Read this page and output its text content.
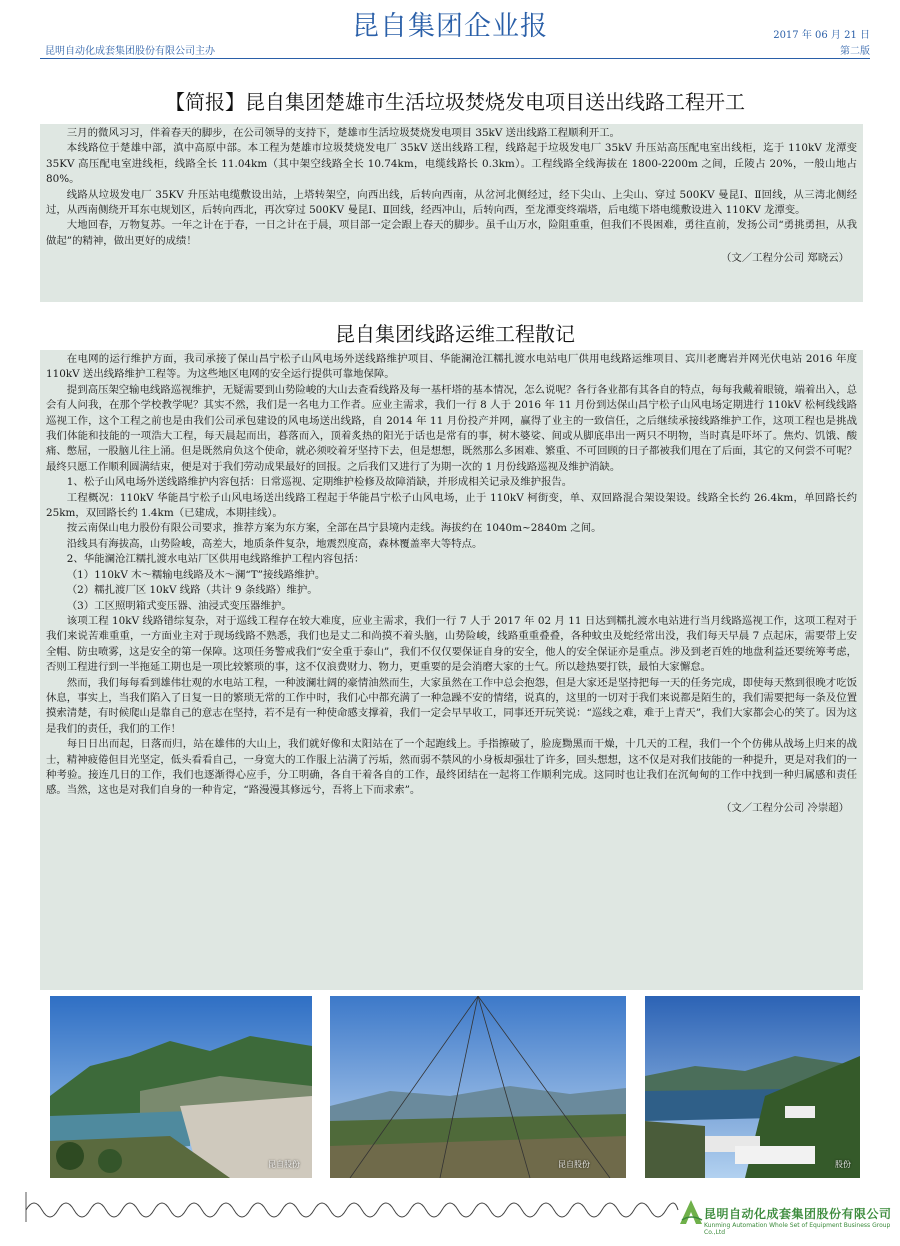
昆自集团企业报
昆明自动化成套集团股份有限公司主办
2017 年 06 月 21 日
第二版
【简报】昆自集团楚雄市生活垃圾焚烧发电项目送出线路工程开工

三月的微风习习，伴着春天的脚步，在公司领导的支持下，楚雄市生活垃圾焚烧发电项目 35kV 送出线路工程顺利开工。

本线路位于楚雄中部，滇中高原中部。本工程为楚雄市垃圾焚烧发电厂 35kV 送出线路工程，线路起于垃圾发电厂 35kV 升压站高压配电室出线柜，迄于 110kV 龙潭变 35KV 高压配电室进线柜，线路全长 11.04km（其中架空线路全长 10.74km，电缆线路长 0.3km）。工程线路全线海拔在 1800-2200m 之间，丘陵占 20%，一般山地占 80%。

线路从垃圾发电厂 35KV 升压站电缆敷设出站，上塔转架空，向西出线，后转向西南，从岔河北侧经过，经下尖山、上尖山、穿过 500KV 曼昆Ⅰ、Ⅱ回线，从三湾北侧经过，从西南侧绕开耳东屯规划区，后转向西北，再次穿过 500KV 曼昆Ⅰ、Ⅱ回线，经西冲山，后转向西，至龙潭变终端塔，后电缆下塔电缆敷设进入 110KV 龙潭变。

大地回春，万物复苏。一年之计在于春，一日之计在于晨，项目部一定会跟上春天的脚步。虽千山万水，险阻重重，但我们不畏困难，勇往直前，发扬公司“勇挑勇担，从我做起”的精神，做出更好的成绩！

（文／工程分公司 郑晓云）

昆自集团线路运维工程散记

在电网的运行维护方面，我司承接了保山昌宁松子山风电场外送线路维护项目、华能澜沧江糯扎渡水电站电厂供用电线路运维项目、宾川老鹰岩并网光伏电站 2016 年度 110kV 送出线路维护工程等。为这些地区电网的安全运行提供可靠地保障。

提到高压架空输电线路巡视维护，无疑需要到山势险峻的大山去查看线路及每一基杆塔的基本情况，怎么说呢？各行各业都有其各自的特点，每每我戴着眼镜，端着出入，总会有人问我，在那个学校教学呢？其实不然，我们是一名电力工作者。应业主需求，我们一行 8 人于 2016 年 11 月份到达保山昌宁松子山风电场定期进行 110kV 松柯线线路巡视工作，这个工程之前也是由我们公司承包建设的风电场送出线路，自 2014 年 11 月份投产并网，赢得了业主的一致信任，之后继续承接线路维护工作，这项工程也是挑战我们体能和技能的一项浩大工程，每天晨起而出，暮落而入，顶着炙热的阳光于话也是常有的事，树木婆娑、间或从脚底串出一两只不明物，当时真是吓坏了。焦灼、饥饿、酸痛、憋屈，一股脑儿往上涌。但是既然肩负这个使命，就必须咬着牙坚持下去，但是想想，既然那么多困难、繁重、不可回顾的日子都被我们甩在了后面，其它的又何尝不可呢？最终只愿工作顺利圆满结束，便是对于我们劳动成果最好的回报。之后我们又进行了为期一次的 1 月份线路巡视及维护消缺。

1、松子山风电场外送线路维护内容包括：日常巡视、定期维护检修及故障消缺，并形成相关记录及维护报告。

工程概况：110kV 华能昌宁松子山风电场送出线路工程起于华能昌宁松子山风电场，止于 110kV 柯街变，单、双回路混合架设架设。线路全长约 26.4km，单回路长约 25km，双回路长约 1.4km（已建成，本期挂线）。

按云南保山电力股份有限公司要求，推荐方案为东方案，全部在昌宁县境内走线。海拔约在 1040m~2840m 之间。

沿线具有海拔高，山势险峻，高差大，地质条件复杂，地震烈度高，森林覆盖率大等特点。

2、华能澜沧江糯扎渡水电站厂区供用电线路维护工程内容包括：

（1）110kV 木～糯输电线路及木～澜“T”接线路维护。

（2）糯扎渡厂区 10kV 线路（共计 9 条线路）维护。

（3）工区照明箱式变压器、油浸式变压器维护。

该项工程 10kV 线路错综复杂，对于巡线工程存在较大难度，应业主需求，我们一行 7 人于 2017 年 02 月 11 日达到糯扎渡水电站进行当月线路巡视工作，这项工程对于我们来说苦难重重，一方面业主对于现场线路不熟悉，我们也是丈二和尚摸不着头脑，山势险峻，线路重重叠叠，各种蚊虫及蛇经常出没，我们每天早晨 7 点起床，需要带上安全帽、防虫喷雾，这是安全的第一保障。这项任务警戒我们“安全重于泰山”，我们不仅仅要保证自身的安全，他人的安全保证亦是重点。涉及到老百姓的地盘利益还要统筹考虑，否则工程进行到一半拖延工期也是一项比较繁琐的事，这不仅浪费财力、物力，更重要的是会消磨大家的士气。所以趁热要打铁，最怕大家懈怠。

然而，我们每每看到雄伟壮观的水电站工程，一种波澜壮阔的豪情油然而生，大家虽然在工作中总会抱怨，但是大家还是坚持把每一天的任务完成，即使每天熬到很晚才吃饭休息，事实上，当我们陷入了日复一日的繁琐无常的工作中时，我们心中都充满了一种急躁不安的情绪，说真的，这里的一切对于我们来说都是陌生的，我们需要把每一条及位置摸索清楚，有时候爬山是靠自己的意志在坚持，若不是有一种使命感支撑着，我们一定会早早收工，同事还开玩笑说：“巡线之难，难于上青天”，我们大家都会心的笑了。因为这是我们的责任，我们的工作！

每日日出而起，日落而归，站在雄伟的大山上，我们就好像和太阳站在了一个起跑线上。手指擦破了，脸庞黝黑而干燥，十几天的工程，我们一个个仿佛从战场上归来的战士，精神疲倦但目光坚定，低头看看自己，一身宽大的工作服上沾满了污垢，然而弱不禁风的小身板却强壮了许多，回头想想，这不仅是对我们技能的一种提升，更是对我们的一种考验。接连几日的工作，我们也逐渐得心应手，分工明确，各自干着各自的工作，最终团结在一起将工作顺利完成。这同时也让我们在沉甸甸的工作中找到一种归属感和责任感。当然，这也是对我们自身的一种肯定，“路漫漫其修远兮，吾将上下而求索”。

（文／工程分公司 冷崇超）

昆自股份	昆自股份	股份
昆明自动化成套集团股份有限公司
Kunming Automation Whole Set of Equipment Business Group Co.,Ltd
